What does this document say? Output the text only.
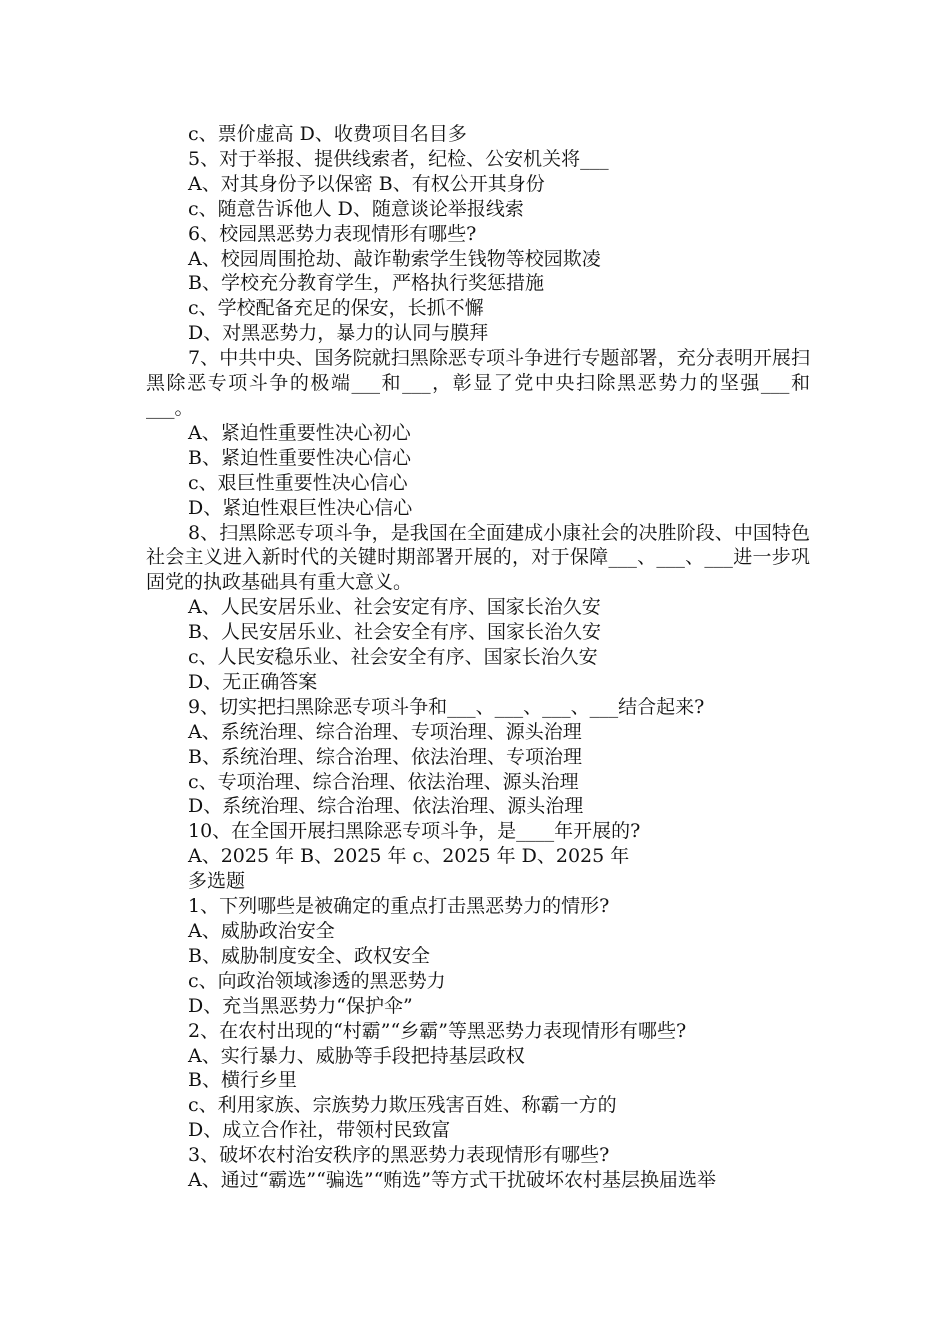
c、票价虚高 D、收费项目名目多
5、对于举报、提供线索者，纪检、公安机关将___
A、对其身份予以保密 B、有权公开其身份
c、随意告诉他人 D、随意谈论举报线索
6、校园黑恶势力表现情形有哪些?
A、校园周围抢劫、敲诈勒索学生钱物等校园欺凌
B、学校充分教育学生，严格执行奖惩措施
c、学校配备充足的保安，长抓不懈
D、对黑恶势力，暴力的认同与膜拜
7、中共中央、国务院就扫黑除恶专项斗争进行专题部署，充分表明开展扫黑除恶专项斗争的极端___和___，彰显了党中央扫除黑恶势力的坚强___和___。
A、紧迫性重要性决心初心
B、紧迫性重要性决心信心
c、艰巨性重要性决心信心
D、紧迫性艰巨性决心信心
8、扫黑除恶专项斗争，是我国在全面建成小康社会的决胜阶段、中国特色社会主义进入新时代的关键时期部署开展的，对于保障___、___、___进一步巩固党的执政基础具有重大意义。
A、人民安居乐业、社会安定有序、国家长治久安
B、人民安居乐业、社会安全有序、国家长治久安
c、人民安稳乐业、社会安全有序、国家长治久安
D、无正确答案
9、切实把扫黑除恶专项斗争和___、___、___、___结合起来?
A、系统治理、综合治理、专项治理、源头治理
B、系统治理、综合治理、依法治理、专项治理
c、专项治理、综合治理、依法治理、源头治理
D、系统治理、综合治理、依法治理、源头治理
10、在全国开展扫黑除恶专项斗争，是____年开展的?
A、2025 年 B、2025 年 c、2025 年 D、2025 年
多选题
1、下列哪些是被确定的重点打击黑恶势力的情形?
A、威胁政治安全
B、威胁制度安全、政权安全
c、向政治领域渗透的黑恶势力
D、充当黑恶势力“保护伞”
2、在农村出现的“村霸”“乡霸”等黑恶势力表现情形有哪些?
A、实行暴力、威胁等手段把持基层政权
B、横行乡里
c、利用家族、宗族势力欺压残害百姓、称霸一方的
D、成立合作社，带领村民致富
3、破坏农村治安秩序的黑恶势力表现情形有哪些?
A、通过“霸选”“骗选”“贿选”等方式干扰破坏农村基层换届选举
